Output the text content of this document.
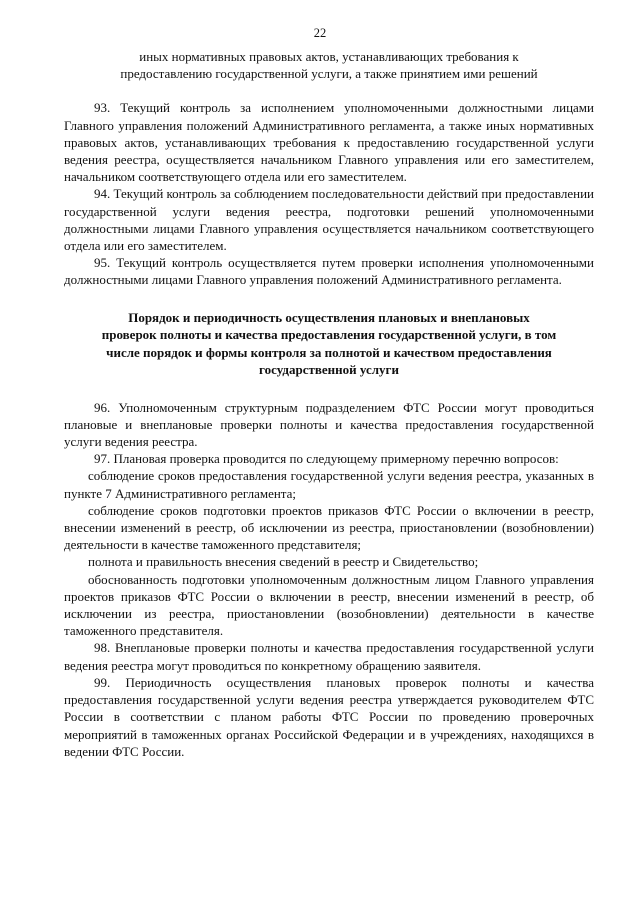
22

иных нормативных правовых актов, устанавливающих требования к

предоставлению государственной услуги, а также принятием ими решений

93. Текущий контроль за исполнением уполномоченными должностными лицами Главного управления положений Административного регламента, а также иных нормативных правовых актов, устанавливающих требования к предоставлению государственной услуги ведения реестра, осуществляется начальником Главного управления или его заместителем, начальником соответствующего отдела или его заместителем.

94. Текущий контроль за соблюдением последовательности действий при предоставлении государственной услуги ведения реестра, подготовки решений уполномоченными должностными лицами Главного управления осуществляется начальником соответствующего отдела или его заместителем.

95. Текущий контроль осуществляется путем проверки исполнения уполномоченными должностными лицами Главного управления положений Административного регламента.

Порядок и периодичность осуществления плановых и внеплановых

проверок полноты и качества предоставления государственной услуги, в том

числе порядок и формы контроля за полнотой и качеством предоставления

государственной услуги

96. Уполномоченным структурным подразделением ФТС России могут проводиться плановые и внеплановые проверки полноты и качества предоставления государственной услуги ведения реестра.

97. Плановая проверка проводится по следующему примерному перечню вопросов:

соблюдение сроков предоставления государственной услуги ведения реестра, указанных в пункте 7 Административного регламента;

соблюдение сроков подготовки проектов приказов ФТС России о включении в реестр, внесении изменений в реестр, об исключении из реестра, приостановлении (возобновлении) деятельности в качестве таможенного представителя;

полнота и правильность внесения сведений в реестр и Свидетельство;

обоснованность подготовки уполномоченным должностным лицом Главного управления проектов приказов ФТС России о включении в реестр, внесении изменений в реестр, об исключении из реестра, приостановлении (возобновлении) деятельности в качестве таможенного представителя.

98. Внеплановые проверки полноты и качества предоставления государственной услуги ведения реестра могут проводиться по конкретному обращению заявителя.

99. Периодичность осуществления плановых проверок полноты и качества предоставления государственной услуги ведения реестра утверждается руководителем ФТС России в соответствии с планом работы ФТС России по проведению проверочных мероприятий в таможенных органах Российской Федерации и в учреждениях, находящихся в ведении ФТС России.
